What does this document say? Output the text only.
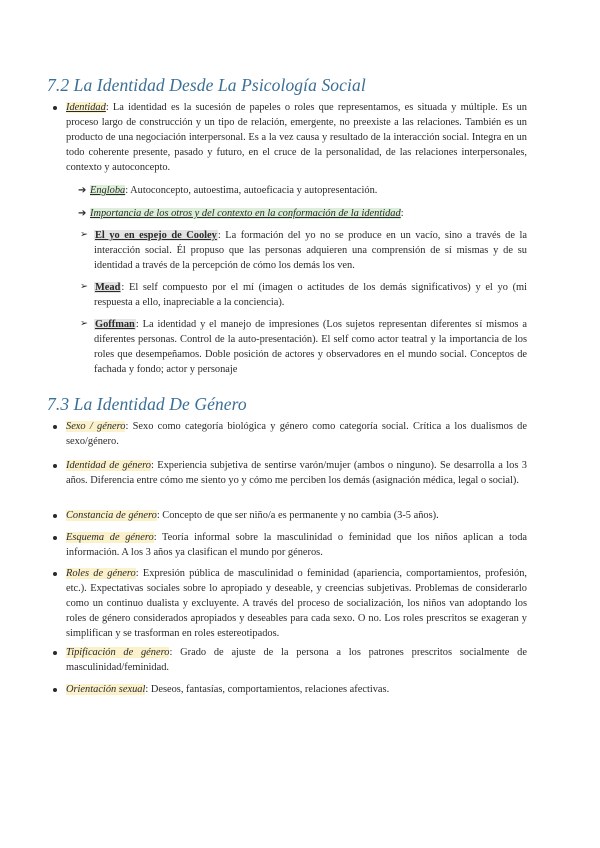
7.2 La Identidad Desde La Psicología Social
Identidad: La identidad es la sucesión de papeles o roles que representamos, es situada y múltiple. Es un proceso largo de construcción y un tipo de relación, emergente, no preexiste a las relaciones. También es un producto de una negociación interpersonal. Es a la vez causa y resultado de la interacción social. Integra en un todo coherente presente, pasado y futuro, en el cruce de la personalidad, de las relaciones interpersonales, contexto y autoconcepto.
➔ Engloba: Autoconcepto, autoestima, autoeficacia y autopresentación.
➔ Importancia de los otros y del contexto en la conformación de la identidad:
➢ El yo en espejo de Cooley: La formación del yo no se produce en un vacío, sino a través de la interacción social. Él propuso que las personas adquieren una comprensión de sí mismas y de su identidad a través de la percepción de cómo los demás los ven.
➢ Mead: El self compuesto por el mí (imagen o actitudes de los demás significativos) y el yo (mi respuesta a ello, inapreciable a la conciencia).
➢ Goffman: La identidad y el manejo de impresiones (Los sujetos representan diferentes sí mismos a diferentes personas. Control de la auto-presentación). El self como actor teatral y la importancia de los roles que desempeñamos. Doble posición de actores y observadores en el mundo social. Conceptos de fachada y fondo; actor y personaje
7.3 La Identidad De Género
Sexo / género: Sexo como categoría biológica y género como categoría social. Crítica a los dualismos de sexo/género.
Identidad de género: Experiencia subjetiva de sentirse varón/mujer (ambos o ninguno). Se desarrolla a los 3 años. Diferencia entre cómo me siento yo y cómo me perciben los demás (asignación médica, legal o social).
Constancia de género: Concepto de que ser niño/a es permanente y no cambia (3-5 años).
Esquema de género: Teoría informal sobre la masculinidad o feminidad que los niños aplican a toda información. A los 3 años ya clasifican el mundo por géneros.
Roles de género: Expresión pública de masculinidad o feminidad (apariencia, comportamientos, profesión, etc.). Expectativas sociales sobre lo apropiado y deseable, y creencias subjetivas. Problemas de considerarlo como un continuo dualista y excluyente. A través del proceso de socialización, los niños van adoptando los roles de género considerados apropiados y deseables para cada sexo. O no. Los roles prescritos se exageran y simplifican y se trasforman en roles estereotipados.
Tipificación de género: Grado de ajuste de la persona a los patrones prescritos socialmente de masculinidad/feminidad.
Orientación sexual: Deseos, fantasías, comportamientos, relaciones afectivas.
